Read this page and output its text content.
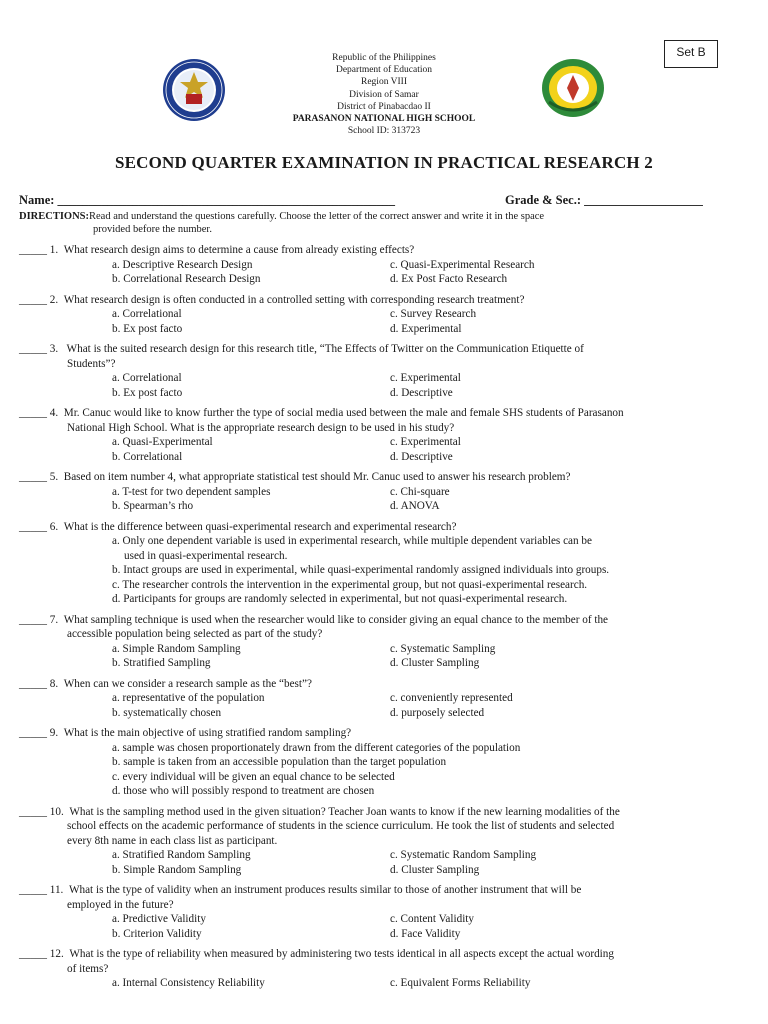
Set B
Republic of the Philippines
Department of Education
Region VIII
Division of Samar
District of Pinabacdao II
PARASANON NATIONAL HIGH SCHOOL
School ID: 313723
SECOND QUARTER EXAMINATION IN PRACTICAL RESEARCH 2
Name: ______________________________________________________	Grade & Sec.: ___________________
DIRECTIONS:Read and understand the questions carefully. Choose the letter of the correct answer and write it in the space
provided before the number.
_____ 1. What research design aims to determine a cause from already existing effects?
a. Descriptive Research Design	c. Quasi-Experimental Research
b. Correlational Research Design	d. Ex Post Facto Research
_____ 2. What research design is often conducted in a controlled setting with corresponding research treatment?
a. Correlational	c. Survey Research
b. Ex post facto	d. Experimental
_____ 3. What is the suited research design for this research title, “The Effects of Twitter on the Communication Etiquette of
Students”?
a. Correlational	c. Experimental
b. Ex post facto	d. Descriptive
_____ 4. Mr. Canuc would like to know further the type of social media used between the male and female SHS students of Parasanon
National High School. What is the appropriate research design to be used in his study?
a. Quasi-Experimental	c. Experimental
b. Correlational	d. Descriptive
_____ 5. Based on item number 4, what appropriate statistical test should Mr. Canuc used to answer his research problem?
a. T-test for two dependent samples	c. Chi-square
b. Spearman’s rho	d. ANOVA
_____ 6. What is the difference between quasi-experimental research and experimental research?
a. Only one dependent variable is used in experimental research, while multiple dependent variables can be
used in quasi-experimental research.
b. Intact groups are used in experimental, while quasi-experimental randomly assigned individuals into groups.
c. The researcher controls the intervention in the experimental group, but not quasi-experimental research.
d. Participants for groups are randomly selected in experimental, but not quasi-experimental research.
_____ 7. What sampling technique is used when the researcher would like to consider giving an equal chance to the member of the
accessible population being selected as part of the study?
a. Simple Random Sampling	c. Systematic Sampling
b. Stratified Sampling	d. Cluster Sampling
_____ 8. When can we consider a research sample as the “best”?
a. representative of the population	c. conveniently represented
b. systematically chosen	d. purposely selected
_____ 9. What is the main objective of using stratified random sampling?
a. sample was chosen proportionately drawn from the different categories of the population
b. sample is taken from an accessible population than the target population
c. every individual will be given an equal chance to be selected
d. those who will possibly respond to treatment are chosen
_____ 10. What is the sampling method used in the given situation? Teacher Joan wants to know if the new learning modalities of the
school effects on the academic performance of students in the science curriculum. He took the list of students and selected
every 8th name in each class list as participant.
a. Stratified Random Sampling	c. Systematic Random Sampling
b. Simple Random Sampling	d. Cluster Sampling
_____ 11. What is the type of validity when an instrument produces results similar to those of another instrument that will be
employed in the future?
a. Predictive Validity	c. Content Validity
b. Criterion Validity	d. Face Validity
_____ 12. What is the type of reliability when measured by administering two tests identical in all aspects except the actual wording
of items?
a. Internal Consistency Reliability	c. Equivalent Forms Reliability
